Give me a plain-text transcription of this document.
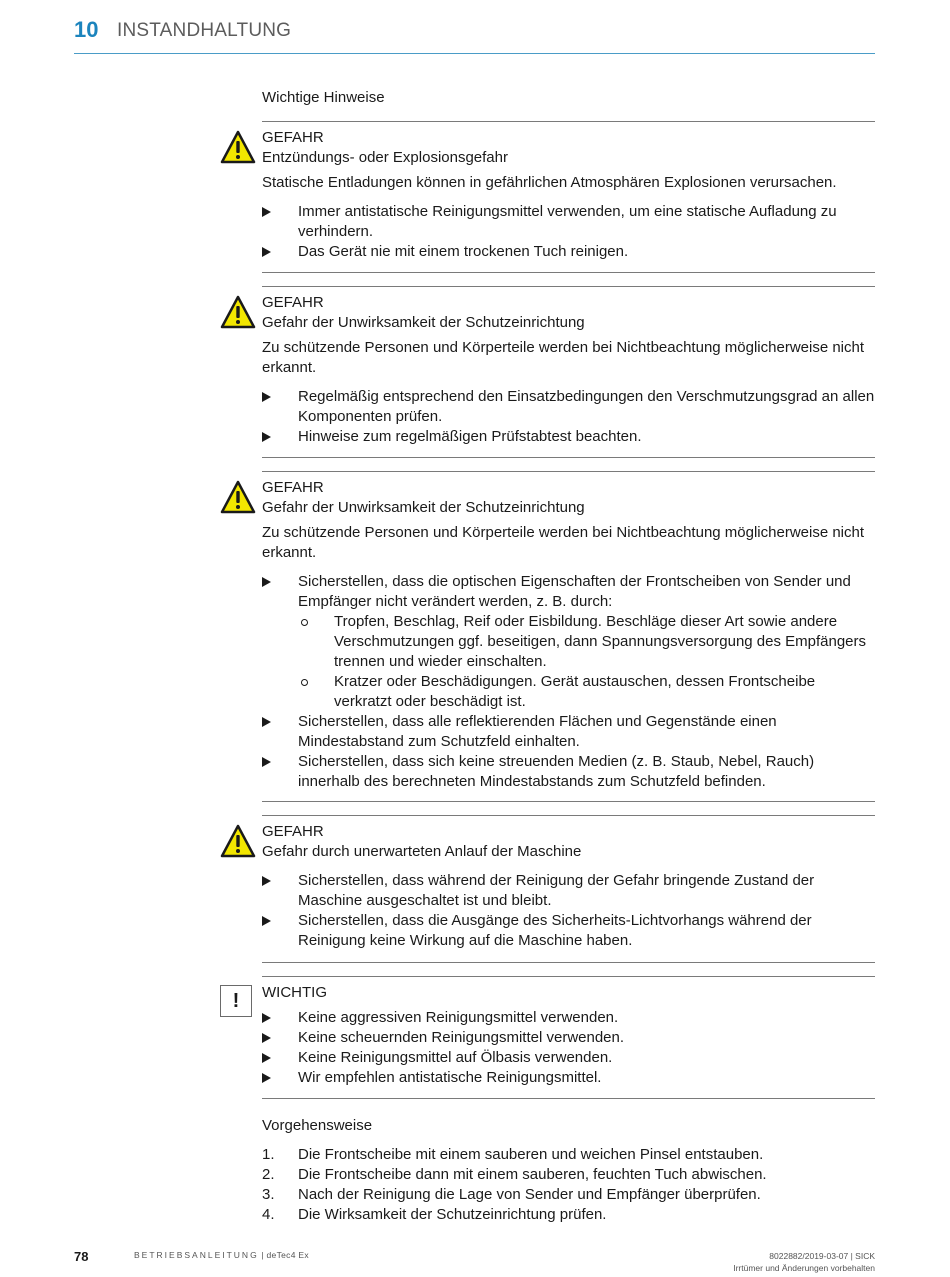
10 INSTANDHALTUNG
Wichtige Hinweise
GEFAHR
Entzündungs- oder Explosionsgefahr
Statische Entladungen können in gefährlichen Atmosphären Explosionen verursachen.
Immer antistatische Reinigungsmittel verwenden, um eine statische Aufladung zu verhindern.
Das Gerät nie mit einem trockenen Tuch reinigen.
GEFAHR
Gefahr der Unwirksamkeit der Schutzeinrichtung
Zu schützende Personen und Körperteile werden bei Nichtbeachtung möglicherweise nicht erkannt.
Regelmäßig entsprechend den Einsatzbedingungen den Verschmutzungsgrad an allen Komponenten prüfen.
Hinweise zum regelmäßigen Prüfstabtest beachten.
GEFAHR
Gefahr der Unwirksamkeit der Schutzeinrichtung
Zu schützende Personen und Körperteile werden bei Nichtbeachtung möglicherweise nicht erkannt.
Sicherstellen, dass die optischen Eigenschaften der Frontscheiben von Sender und Empfänger nicht verändert werden, z. B. durch:
Tropfen, Beschlag, Reif oder Eisbildung. Beschläge dieser Art sowie andere Verschmutzungen ggf. beseitigen, dann Spannungsversorgung des Empfängers trennen und wieder einschalten.
Kratzer oder Beschädigungen. Gerät austauschen, dessen Frontscheibe verkratzt oder beschädigt ist.
Sicherstellen, dass alle reflektierenden Flächen und Gegenstände einen Mindestabstand zum Schutzfeld einhalten.
Sicherstellen, dass sich keine streuenden Medien (z. B. Staub, Nebel, Rauch) innerhalb des berechneten Mindestabstands zum Schutzfeld befinden.
GEFAHR
Gefahr durch unerwarteten Anlauf der Maschine
Sicherstellen, dass während der Reinigung der Gefahr bringende Zustand der Maschine ausgeschaltet ist und bleibt.
Sicherstellen, dass die Ausgänge des Sicherheits-Lichtvorhangs während der Reinigung keine Wirkung auf die Maschine haben.
!	WICHTIG
Keine aggressiven Reinigungsmittel verwenden.
Keine scheuernden Reinigungsmittel verwenden.
Keine Reinigungsmittel auf Ölbasis verwenden.
Wir empfehlen antistatische Reinigungsmittel.
Vorgehensweise
1. Die Frontscheibe mit einem sauberen und weichen Pinsel entstauben.
2. Die Frontscheibe dann mit einem sauberen, feuchten Tuch abwischen.
3. Nach der Reinigung die Lage von Sender und Empfänger überprüfen.
4. Die Wirksamkeit der Schutzeinrichtung prüfen.
78	BETRIEBSANLEITUNG | deTec4 Ex	8022882/2019-03-07 | SICK
Irrtümer und Änderungen vorbehalten
